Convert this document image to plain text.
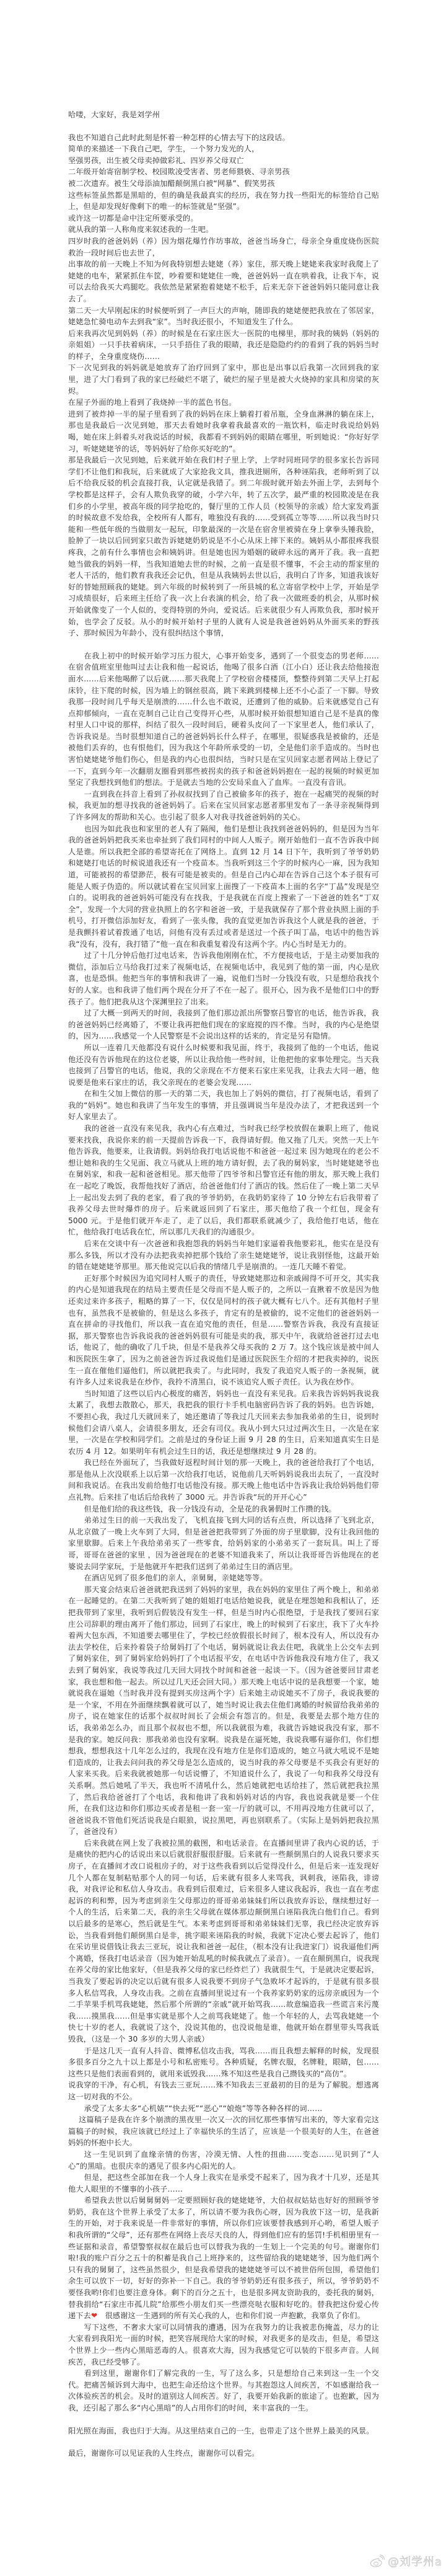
哈喽，大家好，我是刘学州

我也不知道自己此时此刻是怀着一种怎样的心情去写下的这段话。

简单的来描述一下我自己吧，学生，一个努力发光的人，

坚强男孩，出生被父母卖掉做彩礼、四岁养父母双亡

二年级开始寄宿制学校、校园欺凌受害者、男老师猥亵、寻亲男孩

被二次遗弃。被生父母添油加醋颠倒黑白被“网暴”、假笑男孩

这些标签虽然都是黑暗的，但的确是我最真实的经历，我在努力找一些阳光的标签给自己贴上，但是却发现好像剩下的唯一的标签就是“坚强”。

或许这一切都是命中注定所要承受的。

就从我的第一人称角度来叙述我的一生吧。

四岁时我的爸爸妈妈（养）因为烟花爆竹作坊事故，爸爸当场身亡，母亲全身重度烧伤医院救治一段时间后也去世了，

出事故的前一天晚上不知为何我特别想去姥姥（养）家住，那天晚上姥姥来我家时我爬上了姥姥的电车，紧紧抓住车筐，吵着要和姥姥住一晚，爸爸妈妈一直在哄着我，让我下车，说可以去给我买大鸡腿吃。我依然是紧紧抱着姥姥不松手，后来无奈下爸爸妈妈只能同意让我去了。

第二天一大早刚起床的时候便听到了一声巨大的声响，随即我的姥姥便把我放在了邻居家，姥姥急忙骑电动车去到我“家”。当时我还很小，不知道发生了什么。

后来我再次见到妈妈（养）的时候是在石家庄医大一医院的电梯里，那时我的姨妈（妈妈的亲姐姐）一只手扶着病床，一只手捂住了我的眼睛，我还是隐隐约约的看到了我的妈妈当时的样子，全身重度烧伤……

下一次见到我的妈妈就是她放弃了治疗回到了家中，那也是出事以后我第一次回到我的家里，进了大门看到了我的家已经破烂不堪了，破烂的屋子里是被大火烧掉的家具和房梁的灰烬。

在屋子外面的地上看到了我烧掉一半的蓝色书包。

进到了被炸掉一半的屋子里看到了我的妈妈在床上躺着打着吊瓶，全身血淋淋的躺在床上，那也是我最后一次见到她，那天去看她时我拿着我最喜欢的一瓶饮料，临走时我说给妈妈喝，她在床上斜着头对我说话的时候，我都看不到妈妈的眼睛在哪里，听到她说：“你好好学习，听姥姥姥爷的话，等妈妈好了给你买好吃的”。

那是我最后一次见到她，后来就开始在我们村子里上学，上学时同班同学的很多家长告诉同学们不让他们和我玩，后来就成了大家抢我文具，推我进厕所，各种诬陷我，老师听到了以后不给我反驳的机会直接打我，认定就是我错了。到二年级时就开始去外面上学，去到每个学校都是这样子，会有人欺负我穿的破，小学六年，转了五次学，最严重的校园欺凌是在我们乡的小学里，被高年级的同学抢吃的，餐厅里的工作人员（校领导的亲戚）给大家发鸡蛋的时候故意不发给我，全校所有人都有，唯独没有我的……受到孤立等等……所以我当时只能和一些低年级的当做朋友一起玩，印象最深的一次是在宿舍里被骑在身上拿拳头锤我脸，脸肿了一块以后回到家只敢告诉姥姥奶奶说是不小心从床上摔下来的。姨妈从小都很疼我很疼我，之前有什么事情也会和姨妈讲。但是她也因为婚姻的破碎永远的离开了我。我一直把她当做我的妈妈一样，当我知道她去世的时候，之前一直是很不懂事，不会主动的帮家里的老人干活的，他们教育我我还会记仇，但是从我姨妈去世以后，我明白了许多，知道我该好好的替她照顾我的姥姥。到六年级的时候转到了一所县城的私立寄宿学校中上学，开始是学习成绩很好，后来班主任给了我一次上台表演的机会，给了我一次做班委的机会，从那时候开始就像变了一个人似的，变得特别的外向，爱说话。后来就很少有人再欺负我，那时候开始，也学会了反驳。从小的时候开始村子里的人就有人说是我爸爸妈妈从外面买来的野孩子、那时候因为年龄小，没有很纠结这个事情，

在我上初中的时候开始学习压力很大，心事开始变多，遇到了一个很变态的男老师……在宿舍值班室里他叫过去让我和他一起说话，他喝了很多白酒（江小白）还让我去给他接泡面水……后来他喝醉了以后就……那天我爬上了学校宿舍楼楼顶，整整待到第二天早上打起床铃，往下爬的时候，因为墙上的钢丝很高，跳下来跳到楼梯上还不小心歪了一下脚。导致我那一段时间几乎每天是崩溃的……什么也不敢说，还遭到了他的威胁。后来就感觉自己有点抑郁倾向，一直在克制自己让自己变得开心些，从那时候开始很想知道自己是不是真的像村里人口中说的那样，纠结了很久一段时间后，硬着头皮问了一下家里老人，他们承认了，告诉我说是。当时很想知道自己的爸爸妈妈长什么样子，在哪里，很疑惑我是被偷的，还是被他们丢弃的，也有恨他们，因为我这个年龄所承受的一切，全是他们亲手造成的。当时也害怕姥姥姥爷他们伤心，但是我的内心也很纠结，当时只是在宝贝回家志愿者网站上登记了一下，直到今年一次翻朋友圈看到那些被拐卖的孩子和爸爸妈妈抱在一起的视频的时候更加坚定了我想找到他们的想法。于是就去当地的公安局采血入了血库。一直没有音讯。

一直到我在抖音上看到了孙叔叔找到了自己被偷多年的孩子，抱在一起痛哭的视频的时候，我更加的想寻找我的爸爸妈妈了。后来在宝贝回家志愿者那里发布了一条寻亲视频得到了许多网友的帮助和关心。也引起了很多人对我寻找爸爸妈妈的关心。

也因为如此我也和家里的老人有了隔阂，他们是想让我找到爸爸妈妈的，但是因为当年我的爸爸妈妈把我买来也牵扯到了我们同村的中间人人贩子。刚开始他们一直不告诉我中间人是谁。所以我把全部的希望寄托在了网络上。直到 12 月 14 日下午，我听到了爷爷奶奶和姥姥打电话的时候说道我还有一个疫苗本。当我听到这三个字的时候内心一麻，因为我知道，可能被拐的希望渺茫，极有可能是被卖的。但是自己内心却在告诉自己这个本子很有可能是人贩子伪造的。所以就试着在宝贝回家上面搜了一下疫苗本上面的名字“丁晶”发现是空白的。说明我的爸爸妈妈可能没有在找我，于是我就在百度上搜索了一下爸爸的姓名“丁双全”，发现一个大同的营业执照上的名字和爸爸一致，于是我就保存了那个营业执照上面的手机号，打开微信添加好友，看到了一张头像，我的直觉更加告诉我这个人就是我的爸爸，于是我颤抖着试着拨通了电话，问他有没有丢过或者是送过一个孩子叫丁晶，电话中的他告诉我“没有，没有，我打错了”他一直在和我重复着没有这两个字。内心当时是无力的。

过了十几分钟后他打过电话来，告诉我他刚刚在忙，不方便接电话，于是主动要加我的微信，添加后立马给我打过来了视频电话，在视频电话中，我见到了他的第一面，内心是欣喜，也是恐惧。他把当年的事情和我讲了一遍，说他们当时一分钱没有收，只是想给我找个好的人家。也和我讲了他们两个现在分开了不在一起了。很开心，因为我不是他们口中的野孩子了。他们把我从这个深渊里拉了出来。

过了大概一到两天的时间，我接到了他们那边派出所警察吕警官的电话，他告诉我，我的爸爸妈妈已经离婚了，不要让我再把他们现在的家庭搅的四不像。当时，我的内心是绝望的，因为……我感觉一个人民警察是不会说出这样的话来的，肯定是另有隐情。

所以一连着几天他都没有说什么时候要和我见面，终于，我接到了他的一个电话，他说他还没有告诉他现在的这位老婆，所以让我给他一些时间，让他把他的家事处理完。当天我也接到了吕警官的电话，他说，我的父亲现在不方便来石家庄来见我，让我去大同一趟，他说要是他来石家庄的话，我父亲现在的老婆会发现……

在和生父加上微信的那一天的第二天，我也加上了妈妈的微信，打了视频电话，看到了我的“妈妈”。她也和我讲了当年发生的事情，并且强调说当年是没办法了，才把我送到一个好人家里去了。

我的爸爸一直没有来见我，我内心有点难过，当时我已经学校放假在兼职上班了，他说要来找我，我说你来的前一天提前告诉我一下，我得请好假。他又拖了几天。突然一天上午他告诉我，他要来，让我请假。妈妈给我打电话说他不和爸爸一起过来 因为她现在的老公不想让她和我的生父见面、我立马就从上班的地方请好假，去了我的舅妈家，当时姥姥姥爷也在舅妈家，和我一起和爸爸相见。那天他带了四爷爷和吕警官还有他的朋友，那天晚上我们在一起吃了晚饭，我帮他找好了酒店，给爸爸他们付了酒店的钱。然后住了一晚上第二天早上一起出发去到了我的老家，看了我的爷爷奶奶，在我奶奶家待了 10 分钟左右后我带着了我养父母去世时爆炸的房子。后来就返回到了石家庄，那天他给了我一个红包，现金有 5000 元。于是他们就开车走了，走了以后，我们都联系就减少了，我给他打电话，他在忙，他给我打电话我在忙，所以那几天我们的沟通很少。

后来在交谈中有一次爸爸和我抱怨我的妈妈当年她们家逼着我他要彩礼，他实在是没有那么多钱，所以才没有办法把我卖掉把那个钱给了亲生姥姥姥爷，说让我别怪他，这最开始的错在姥姥姥爷那里。那天他说完以后我的情绪几乎是崩溃的。一连几天睡不着觉。

正好那个时候因为追究同村人贩子的责任，导致姥姥那边和亲戚闹得不可开交，其实我的内心是知道我现在的结局主要责任是父母而不是人贩子的，之所以一直揪着不放是因为他还卖过来许多孩子，粗略的算了一下，仅仅是同村的孩子就大概有七八个。还有其他村子里也有，虽然我不是被偷的，但是这么多孩子，肯定有的是被偷的，说不定他们的爸爸妈妈一直在拼命的寻找他们，所以我一直在追究他的责任，但是……警察告诉我，我没有直接证据，那天警察也告诉我说我的爸爸妈妈很有可能是卖的我，那天中午，我就给爸爸打过去电话，他说了，他的确收了几千块，但是不是我养父母买我的 2 万 7。这个钱应该是被中间人和医院医生拿了，因为之前爸爸告诉过我说他们是通过医院医生介绍的才把我卖掉的，说医生一直在催他们逼他们，所以就把我卖了。与此同时，我发了我追究人贩子的一条视频，就有许多人过来说我是在炒作，我拎不清黑白，说不该追究人贩子责任。认为我在炒作。

当时知道了这些以后内心极度的痛苦，妈妈也一直没有来见我。后来我告诉妈妈我说我太累了，我想去散散心，那天，我把我的银行卡手机电脑密码告诉了我的妈妈。也告诉她，不要担心我，我过几天就回来了，她还邀请了等我过几天回来去参加我弟弟的生日，说到时候他们会请八桌人，会请很多朋友，还会有司仪。我从小到大只过过两次生日，一次是在家里，一次是在学校和同学们。之前是过的身份证上面 9 月 28 的生日，后来知道真实生日是农历 4 月 12。如果明年有机会过生日的话，我还是想继续过 9 月 28 的。

我已经在外面玩了，当我做好返程时间计划的那一天晚上，我的爸爸给我打了个电话，那是他从上次没联系上以后第一次给我打电话，说他前几天听妈妈说我出去玩了，一直没时间和我说话。在我出发前给他打电话他没有接。那天晚上他电话中告诉我让我给妈妈他们带点礼物。后来挂了电话后给我转了 3000 元。并告诉我“玩的开开心心”

但是他们给的我这些钱，我一分钱没有动，全是花的我暑假时工作攒的钱。

弟弟过生日的前一天我出发了，飞机直接飞到大同的话有点贵，所以选择了飞到北京，从北京做了一晚上火车到了大同，但是爸爸把我带到了外面的房子里歇脚，没有让我回他的家里歇脚。后来上午我给弟弟买了一些零食，给妈妈家的小弟弟买了一套玩具。叫上了哥哥，哥哥在爸爸的家里 ，因为爸爸现在的老婆不知道我来了，所以让我哥哥告诉他现在的老婆说去同学家玩，于是他就开车把我们送到了弟弟过生日的酒店里。

在酒店见到了很多他们的亲人，亲舅舅，亲姥姥等等。

那天宴会结束后爸爸就把我送到了妈妈的家里，我在妈妈的家里住了两个晚上，和弟弟在一起睡觉的。在第二天我听到了她的姐姐打电话给她说我，就是在埋怨她和我相认了，还把我带到了家里，我听到后假装没有发生一样，但是当时内心很绝望，于是我找了要回石家庄公司辞职的理由离开了他们那边，回到了石家庄，晚上的时候到了石家庄，我下了火车拎着两大包东西，不知道要去哪里住了，学校已经放假很长时间了，根本没有人，所以没有办法去学校住，后来拎着袋子给舅妈打了个电话，舅妈就说让我去住吧，我就坐上公交车去到了舅妈家住，到了舅妈家给妈妈打了个电话报平安，在电话中告诉他我没有地方住了，我又去到了舅妈家，我说等我过几天回大同找个时间和爸爸一起谈一下。（因为爸爸要回甘肃老家，我也想和他一起去。所以过几天还会回大同。）那天晚上电话中说的是我想要一个家，她就说我在逼她（当时我并没有提到买房这两个字）后来她主动说她买不了房子，我说我要的是一个家，不用在外面继续飘着就可以了，她当时说让我去住他们离婚的时候留给我弟弟的房子，说在她家住的话那个叔叔时间长了会烦会有怨言的。但是，我要是去那个地方住的话，我弟弟怎么办，而且那个叔叔也不想，所以我就很为难，我就告诉她说我没有家，那不是我的家。她反问我：那我弟弟也没有家啊。说我是在逼死她，我说我哪有逼你们，你们想想我，想想我这十几年怎么过的，我现在没有地方住是你们造成的，她立马就大吼说不是她们造成的，让我去问问我的养父母是怎么造成的，说当时我的养父母要是不买我会有更好的人家来买我。后来我就被她那一句话说懵了，不知道说什么了，我说了一句和我养父母没有关系啊。然后她吼了半天，我也听不清吼什么，然后她就把电话给挂了，然后就把我拉黑了，然后我给爸爸打了个电话，我和他讲了我和妈妈对话的内容，我也说我就是要一个住所，在我们这边和你们那边买或者是租一套一室一厅的就可以，不用再没地方住就可以了，爸爸说我不管他们死活说我是白眼狼，说拉黑吧，再也别联系了。（实际上是妈妈把我拉黑了，爸爸没有）

后来我就在网上发了我被拉黑的截图，和电话录音。在直播间里讲了我内心说的话，于是痛快的把内心的话说出来以后就很舒服很舒服。后来就有一些颠倒黑白的人说我只要求买房子，在直播间才改口说租房子的，对于这些我看到以后觉得没什么，但是后来一连发现好几个人都在复制粘贴那个人的同一句话，后来就有很多人来骂我，讽刺我，诬陷我，诽谤我，对我评论和私信人身攻击。我看到后很难过，后来很多人建议我起诉，我也一直在考虑起诉的利和弊，因为考虑到亲生父母那边的哥哥弟弟妹妹们所以我放弃诉讼，继续想过好一个人的生活，后来第二天，我的亲生父母就在媒体那边颠倒黑白诬陷我洗白他们自己。看到以后最多的是寒心，然后就是生气。本来考虑到哥哥和弟弟妹妹们无辜，我已经决定放弃诉讼，当我看到他们颠倒黑白是非，挑字眼来诬陷我的时候，我就下定决心要去起诉了，他们在采访里说借钱让我去三亚玩，说让我和爸爸一起住，（根本没有让我进家门）说我逼他们两个离婚，怪我打电话录音（因为她开始乱吼的时候我就点了录音）。一直在颠倒黑白，说我现在养父母的家比他家好，（但是我养父母的家已经炸烂了）我就很生气，于是就决定要起诉，当我发了要起诉的决定以后就有很多人说我要不到房子气急败坏才起诉的，于是就有很多很多人私信骂我，人身攻击我。之前在直播间里说过有一个我养家奶奶家的远房亲戚因为一个二手苹果手机骂我姥姥，然后那个所谓的“亲戚”就开始骂我……故意编造我一些谎言来污蔑我……摸黑我……但是事实就是那个人之前骂我姥姥了。他一个年轻的人，去骂我姥姥一个快七十岁的老人，我就说了这个，没说其他的，也没说他是谁，他就开始在群里带头骂我诋毁我，（这是一个 30 多岁的大男人亲戚）

于是这几天一直有人抖音、微博私信攻击我，骂我……而且我想去解释的时候，发现很多很多百分之九十以上都是小号和私密账号。各种质疑，名牌衣服，名牌鞋，眼睛，包……这些只是他们表面看到的，就用来诋毁我……殊不知这些是我自己攒钱买的“高仿”。

说我穿的干净，有心机，有钱去三亚玩……殊不知我去三亚最初的目的是为了解脱。想逃离这一切对我的不公。

承受了太多太多“心机婊”“快去死”“恶心”“娘炮”等等各种各样的词……

这篇稿子是我在许多个崩溃的黑夜里一次又一次的回忆那些事情写出来的，等大家看完这篇稿子的时候，我应该就已经过上了幸福快乐的生活了，应该是一个很美好的人生，在爸爸妈妈的怀抱中长大。

这一生见识到了血缘亲情的伤害，冷漠无情、人性的扭曲……变态……见识到了“人心”的黑暗。也很庆幸的遇见了很多内心阳光的人。

但是，把这些全部加在我一个人身上我实在是承受不起来了，因为我才十几岁，还是其他大人眼里的不懂事的小孩子……

希望我去世以后舅舅舅妈一定要照顾好我的姥姥姥爷，大伯叔叔姑姑也好好的照顾爷爷奶奶，我在这个世界上承受了太多了，所以请不要为我伤心呀，因为我放下这一切，是我新生的开始，对于我来说是一件非常好的事情，所以你们应该要替我感到开心哟，希望人贩子和我所谓的“父母”，还有那些在网络上丧尽天良的人，得到他们应有的惩罚!手机相册里有一些证据和录音，希望警察叔叔在最后也可以替我为我的一生划上一个完美的句号。谢谢你们啦!我的账户百分之五十的积蓄是我自己上班挣来的，这些留给我的姥姥姥爷，因为他们两个只有我的舅舅了，这些虽然很少，但是我希望我的姥姥姥爷可以不被世俗所包围，希望他们余生可以放下一切，好好的弥补一下自己。我的爷爷奶奶还有很多孩子，所以，爷爷奶奶不要怪我哟!你们也要注意身体。剩下的百分之五十，也是很多网友资助我的，委托我的舅妈，替我捐给“石家庄市孤儿院”给那些小朋友们买一些漂亮哒衣服和好吃的。替我把这份爱心传递下去❤ 很感谢这一生遇到的所有关心我的人，也和你们说一声抱歉，我辜负了你们。

写下这些，不奢求大家可以同情我的遭遇，因为在我努力的让我被悲伤掩盖，尽力的让大家看到我阳光一面的时候，把笑容展现给大家的时候，对我更多的是攻击，但是，希望这个世界上少一些内心黑暗恶毒的人。很喜欢大海，因为我感觉它可以装的下很多声音。人间疾苦，我已经受够了。

看到这里，谢谢你们了解完我的一生，写了这么多，只是想给自己来到这一生一个交代。把痛苦倾诉到大海中，也把生命还给这个世界。与其抱怨这人间疾苦，不如感谢给我一次体验疾苦的机会。及时的道别这人间疾苦。好了，我要开始我新的旅途了。也抱歉，因为我，还引起了那么多“内心黑暗”的人占用你们的时间，来丰富我的一生。

阳光照在海面，我也归于大海。从这里结束自己的一生，也带走了这个世界上最美的风景。

最后，谢谢你可以见证我的人生终点，谢谢你可以看完。

@刘学州a
